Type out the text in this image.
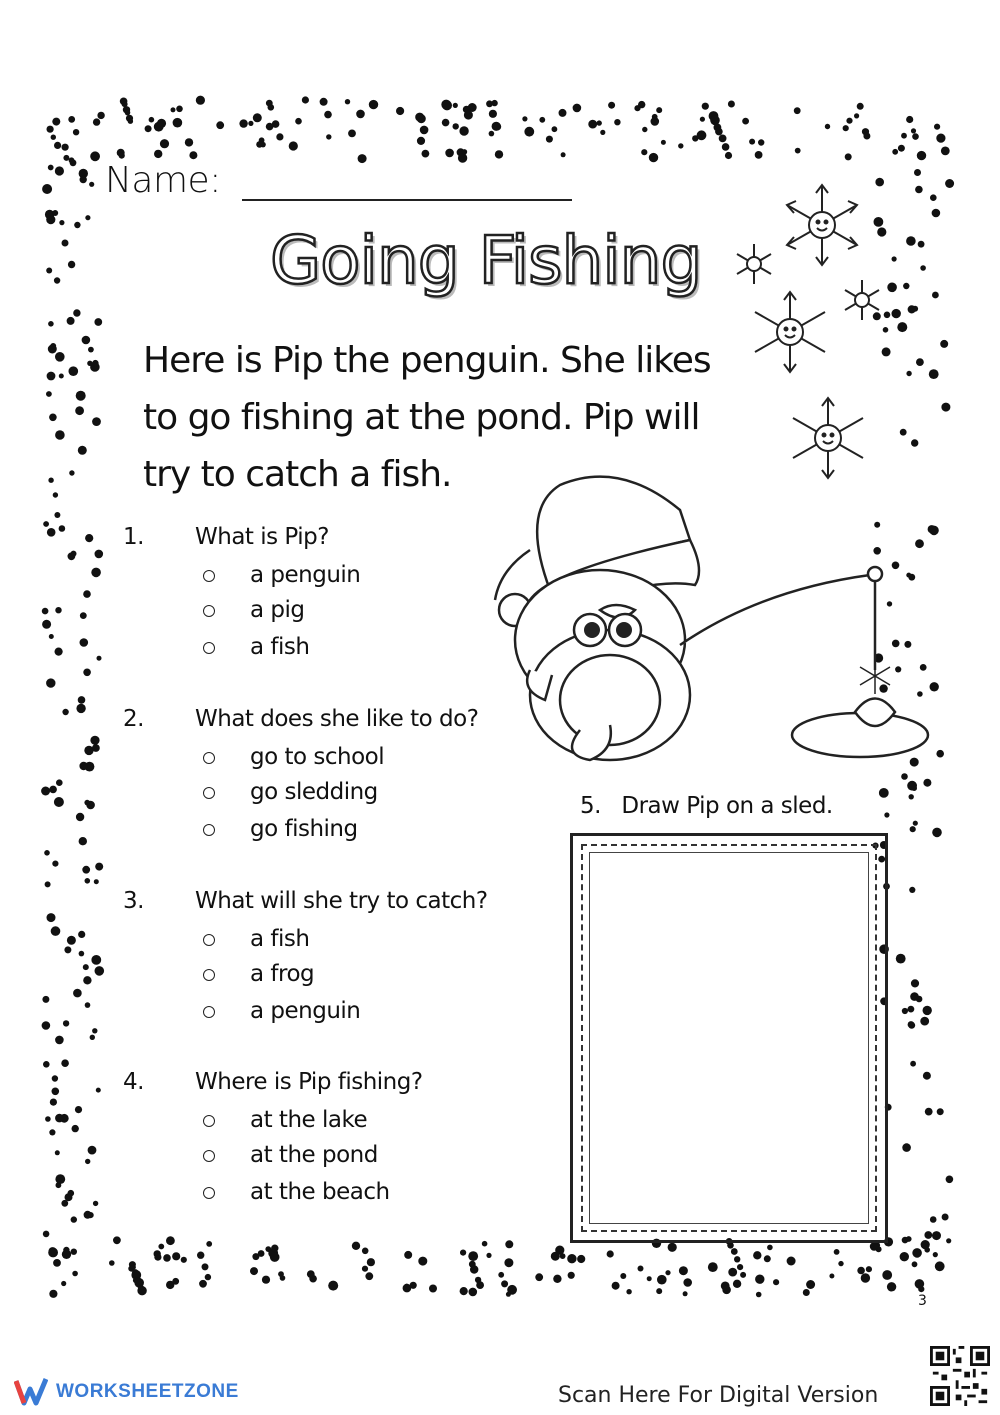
Name:
Going Fishing
Here is Pip the penguin. She likes to go fishing at the pond. Pip will try to catch a fish.
1. What is Pip?
a penguin
a pig
a fish
2. What does she like to do?
go to school
go sledding
go fishing
3. What will she try to catch?
a fish
a frog
a penguin
4. Where is Pip fishing?
at the lake
at the pond
at the beach
5. Draw Pip on a sled.
3
WORKSHEETZONE	Scan Here For Digital Version
